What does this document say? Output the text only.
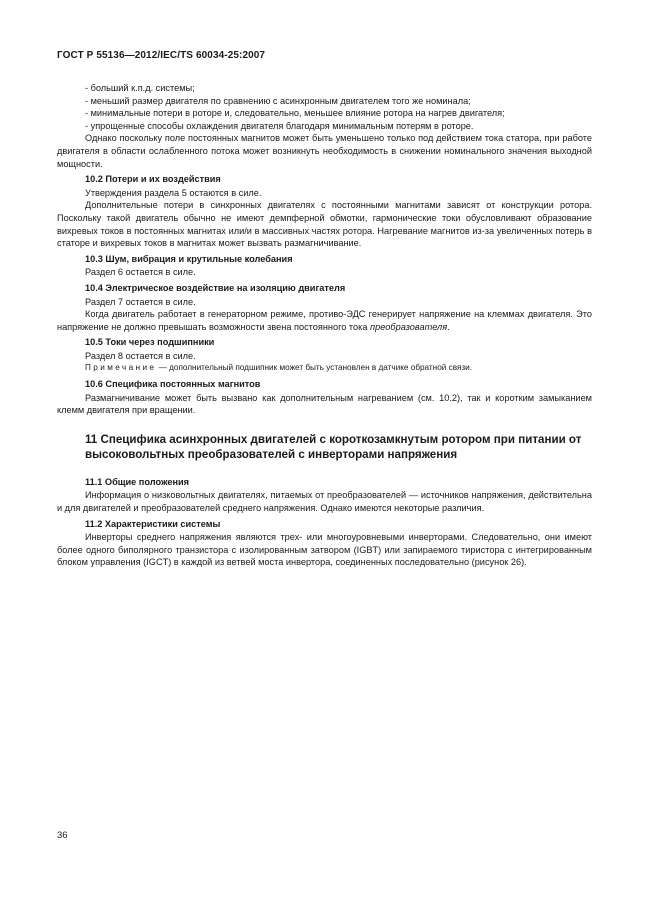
ГОСТ Р 55136—2012/IEC/TS 60034-25:2007

- больший к.п.д. системы;

- меньший размер двигателя по сравнению с асинхронным двигателем того же номинала;

- минимальные потери в роторе и, следовательно, меньшее влияние ротора на нагрев двигателя;

- упрощенные способы охлаждения двигателя благодаря минимальным потерям в роторе.

Однако поскольку поле постоянных магнитов может быть уменьшено только под действием тока статора, при работе двигателя в области ослабленного потока может возникнуть необходимость в снижении номинального значения выходной мощности.

10.2 Потери и их воздействия

Утверждения раздела 5 остаются в силе.

Дополнительные потери в синхронных двигателях с постоянными магнитами зависят от конструкции ротора. Поскольку такой двигатель обычно не имеют демпферной обмотки, гармонические токи обусловливают образование вихревых токов в постоянных магнитах или/и в массивных частях ротора. Нагревание магнитов из-за увеличенных потерь в статоре и вихревых токов в магнитах может вызвать размагничивание.

10.3 Шум, вибрация и крутильные колебания

Раздел 6 остается в силе.

10.4 Электрическое воздействие на изоляцию двигателя

Раздел 7 остается в силе.

Когда двигатель работает в генераторном режиме, противо-ЭДС генерирует напряжение на клеммах двигателя. Это напряжение не должно превышать возможности звена постоянного тока преобразователя.

10.5 Токи через подшипники

Раздел 8 остается в силе.

Примечание — дополнительный подшипник может быть установлен в датчике обратной связи.

10.6 Специфика постоянных магнитов

Размагничивание может быть вызвано как дополнительным нагреванием (см. 10.2), так и коротким замыканием клемм двигателя при вращении.

11 Специфика асинхронных двигателей с короткозамкнутым ротором при питании от высоковольтных преобразователей с инверторами напряжения
11.1 Общие положения

Информация о низковольтных двигателях, питаемых от преобразователей — источников напряжения, действительна и для двигателей и преобразователей среднего напряжения. Однако имеются некоторые различия.

11.2 Характеристики системы

Инверторы среднего напряжения являются трех- или многоуровневыми инверторами. Следовательно, они имеют более одного биполярного транзистора с изолированным затвором (IGBT) или запираемого тиристора с интегрированным блоком управления (IGCT) в каждой из ветвей моста инвертора, соединенных последовательно (рисунок 26).

36
